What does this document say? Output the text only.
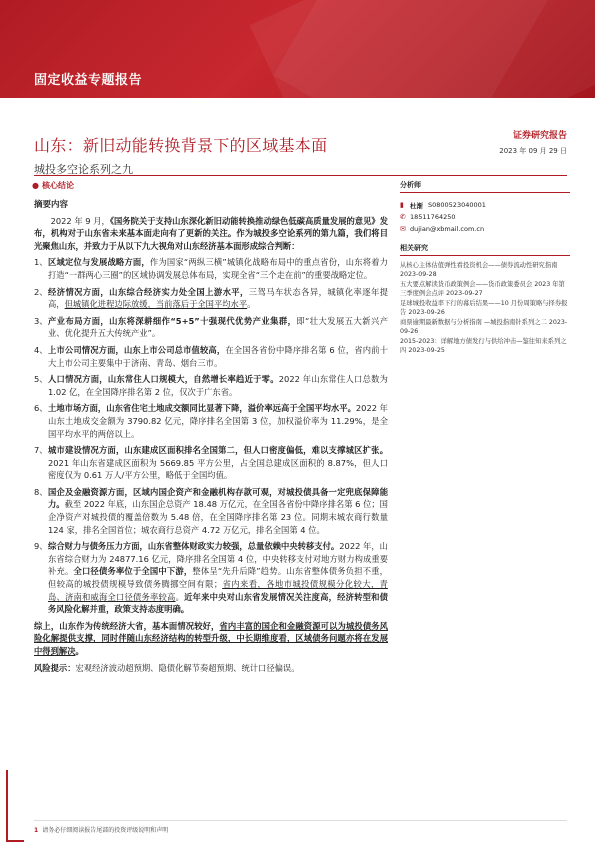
固定收益专题报告
山东：新旧动能转换背景下的区域基本面
城投多空论系列之九
证券研究报告
2023 年 09 月 29 日
● 核心结论
摘要内容

2022 年 9 月，《国务院关于支持山东深化新旧动能转换推动绿色低碳高质量发展的意见》发布，机构对于山东省未来基本面走向有了更新的关注。作为城投多空论系列的第九篇，我们将目光聚焦山东，并致力于从以下九大视角对山东经济基本面形成综合判断：

1、 区域定位与发展战略方面，作为国家“两纵三横”城镇化战略布局中的重点省份，山东将着力打造“一群两心三圈”的区域协调发展总体布局，实现全省“三个走在前”的重要战略定位。
2、 经济情况方面，山东综合经济实力处全国上游水平，三驾马车状态各异，城镇化率逐年提高，但城镇化进程边际放缓，当前落后于全国平均水平。
3、 产业布局方面，山东将深耕细作“5+5”十强现代优势产业集群，即“壮大发展五大新兴产业、优化提升五大传统产业”。
4、 上市公司情况方面，山东上市公司总市值较高，在全国各省份中降序排名第 6 位，省内前十大上市公司主要集中于济南、青岛、烟台三市。
5、 人口情况方面，山东常住人口规模大，自然增长率趋近于零。2022 年山东常住人口总数为 1.02 亿，在全国降序排名第 2 位，仅次于广东省。
6、 土地市场方面，山东省住宅土地成交额同比显著下降，溢价率远高于全国平均水平。2022 年山东土地成交金额为 3790.82 亿元，降序排名全国第 3 位，加权溢价率为 11.29%，是全国平均水平的两倍以上。
7、 城市建设情况方面，山东建成区面积排名全国第二，但人口密度偏低，难以支撑城区扩张。2021 年山东省建成区面积为 5669.85 平方公里，占全国总建成区面积的 8.87%，但人口密度仅为 0.61 万人/平方公里，略低于全国均值。
8、 国企及金融资源方面，区域内国企资产和金融机构存款可观，对城投债具备一定兜底保障能力。截至 2022 年底，山东国企总资产 18.48 万亿元，在全国各省份中降序排名第 6 位；国企净资产对城投债的覆盖倍数为 5.48 倍，在全国降序排名第 23 位。同期末城农商行数量 124 家，排名全国首位；城农商行总资产 4.72 万亿元，排名全国第 4 位。
9、 综合财力与债务压力方面，山东省整体财政实力较强，总量依赖中央转移支付。2022 年，山东省综合财力为 24877.16 亿元，降序排名全国第 4 位，中央转移支付对地方财力构成重要补充。全口径债务率位于全国中下游，整体呈“先升后降”趋势。山东省整体债务负担不重，但较高的城投债规模导致债务腾挪空间有限；省内来看，各地市城投债规模分化较大，青岛、济南和威海全口径债务率较高。近年来中央对山东省发展情况关注度高，经济转型和债务风险化解并重，政策支持态度明确。

综上，山东作为传统经济大省，基本面情况较好，省内丰富的国企和金融资源可以为城投债务风险化解提供支撑，同时伴随山东经济结构的转型升级，中长期维度看，区域债务问题亦将在发展中得到解决。

风险提示：宏观经济波动超预期、隐债化解节奏超预期、统计口径偏误。

分析师
▮ 杜渐 S0800523040001
✆ 18511764250
✉ dujian@xbmail.com.cn
相关研究
从核心主体估值弹性看投资机会——债券流动性研究指南 2023-09-28
五大要点解读货币政策例会——货币政策委员会 2023 年第三季度例会点评 2023-09-27
足球城投收益率下行的幕后结果——10 月份周策略与择券报告 2023-09-26
商票逾期最新数据与分析指南 —城投指南针系列之二 2023-09-26
2015-2023：详解地方债发行与供给冲击—鉴往知来系列之四 2023-09-25
1 请务必仔细阅读报告尾部的投资评级说明和声明
